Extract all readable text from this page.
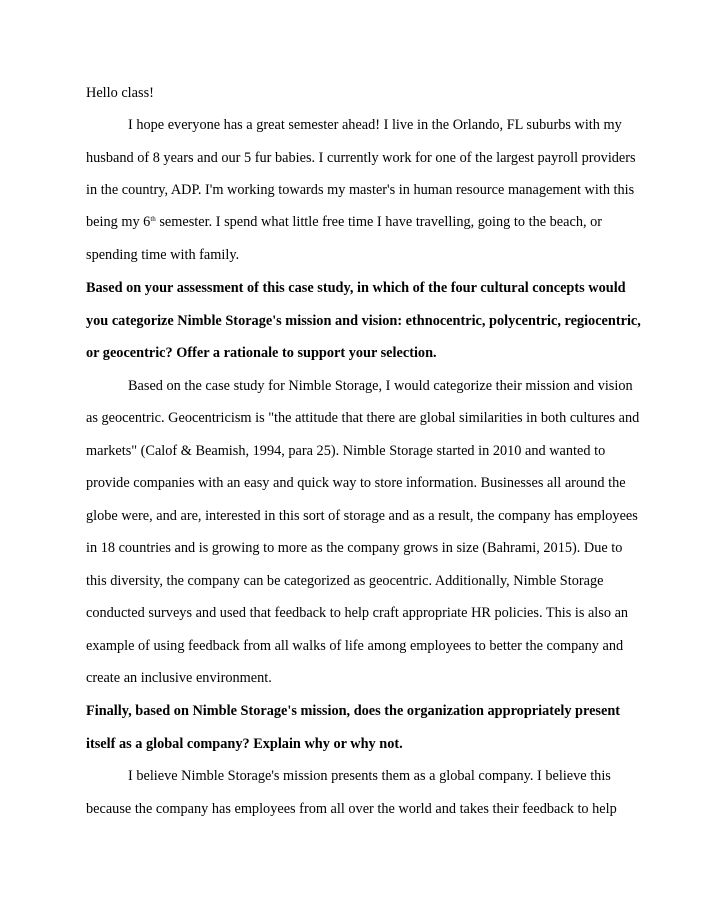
Hello class!
I hope everyone has a great semester ahead! I live in the Orlando, FL suburbs with my
husband of 8 years and our 5 fur babies. I currently work for one of the largest payroll providers
in the country, ADP. I'm working towards my master's in human resource management with this
being my 6th semester. I spend what little free time I have travelling, going to the beach, or
spending time with family.
Based on your assessment of this case study, in which of the four cultural concepts would
you categorize Nimble Storage's mission and vision: ethnocentric, polycentric, regiocentric,
or geocentric? Offer a rationale to support your selection.
Based on the case study for Nimble Storage, I would categorize their mission and vision
as geocentric. Geocentricism is "the attitude that there are global similarities in both cultures and
markets" (Calof & Beamish, 1994, para 25). Nimble Storage started in 2010 and wanted to
provide companies with an easy and quick way to store information. Businesses all around the
globe were, and are, interested in this sort of storage and as a result, the company has employees
in 18 countries and is growing to more as the company grows in size (Bahrami, 2015). Due to
this diversity, the company can be categorized as geocentric. Additionally, Nimble Storage
conducted surveys and used that feedback to help craft appropriate HR policies. This is also an
example of using feedback from all walks of life among employees to better the company and
create an inclusive environment.
Finally, based on Nimble Storage's mission, does the organization appropriately present
itself as a global company? Explain why or why not.
I believe Nimble Storage's mission presents them as a global company. I believe this
because the company has employees from all over the world and takes their feedback to help
